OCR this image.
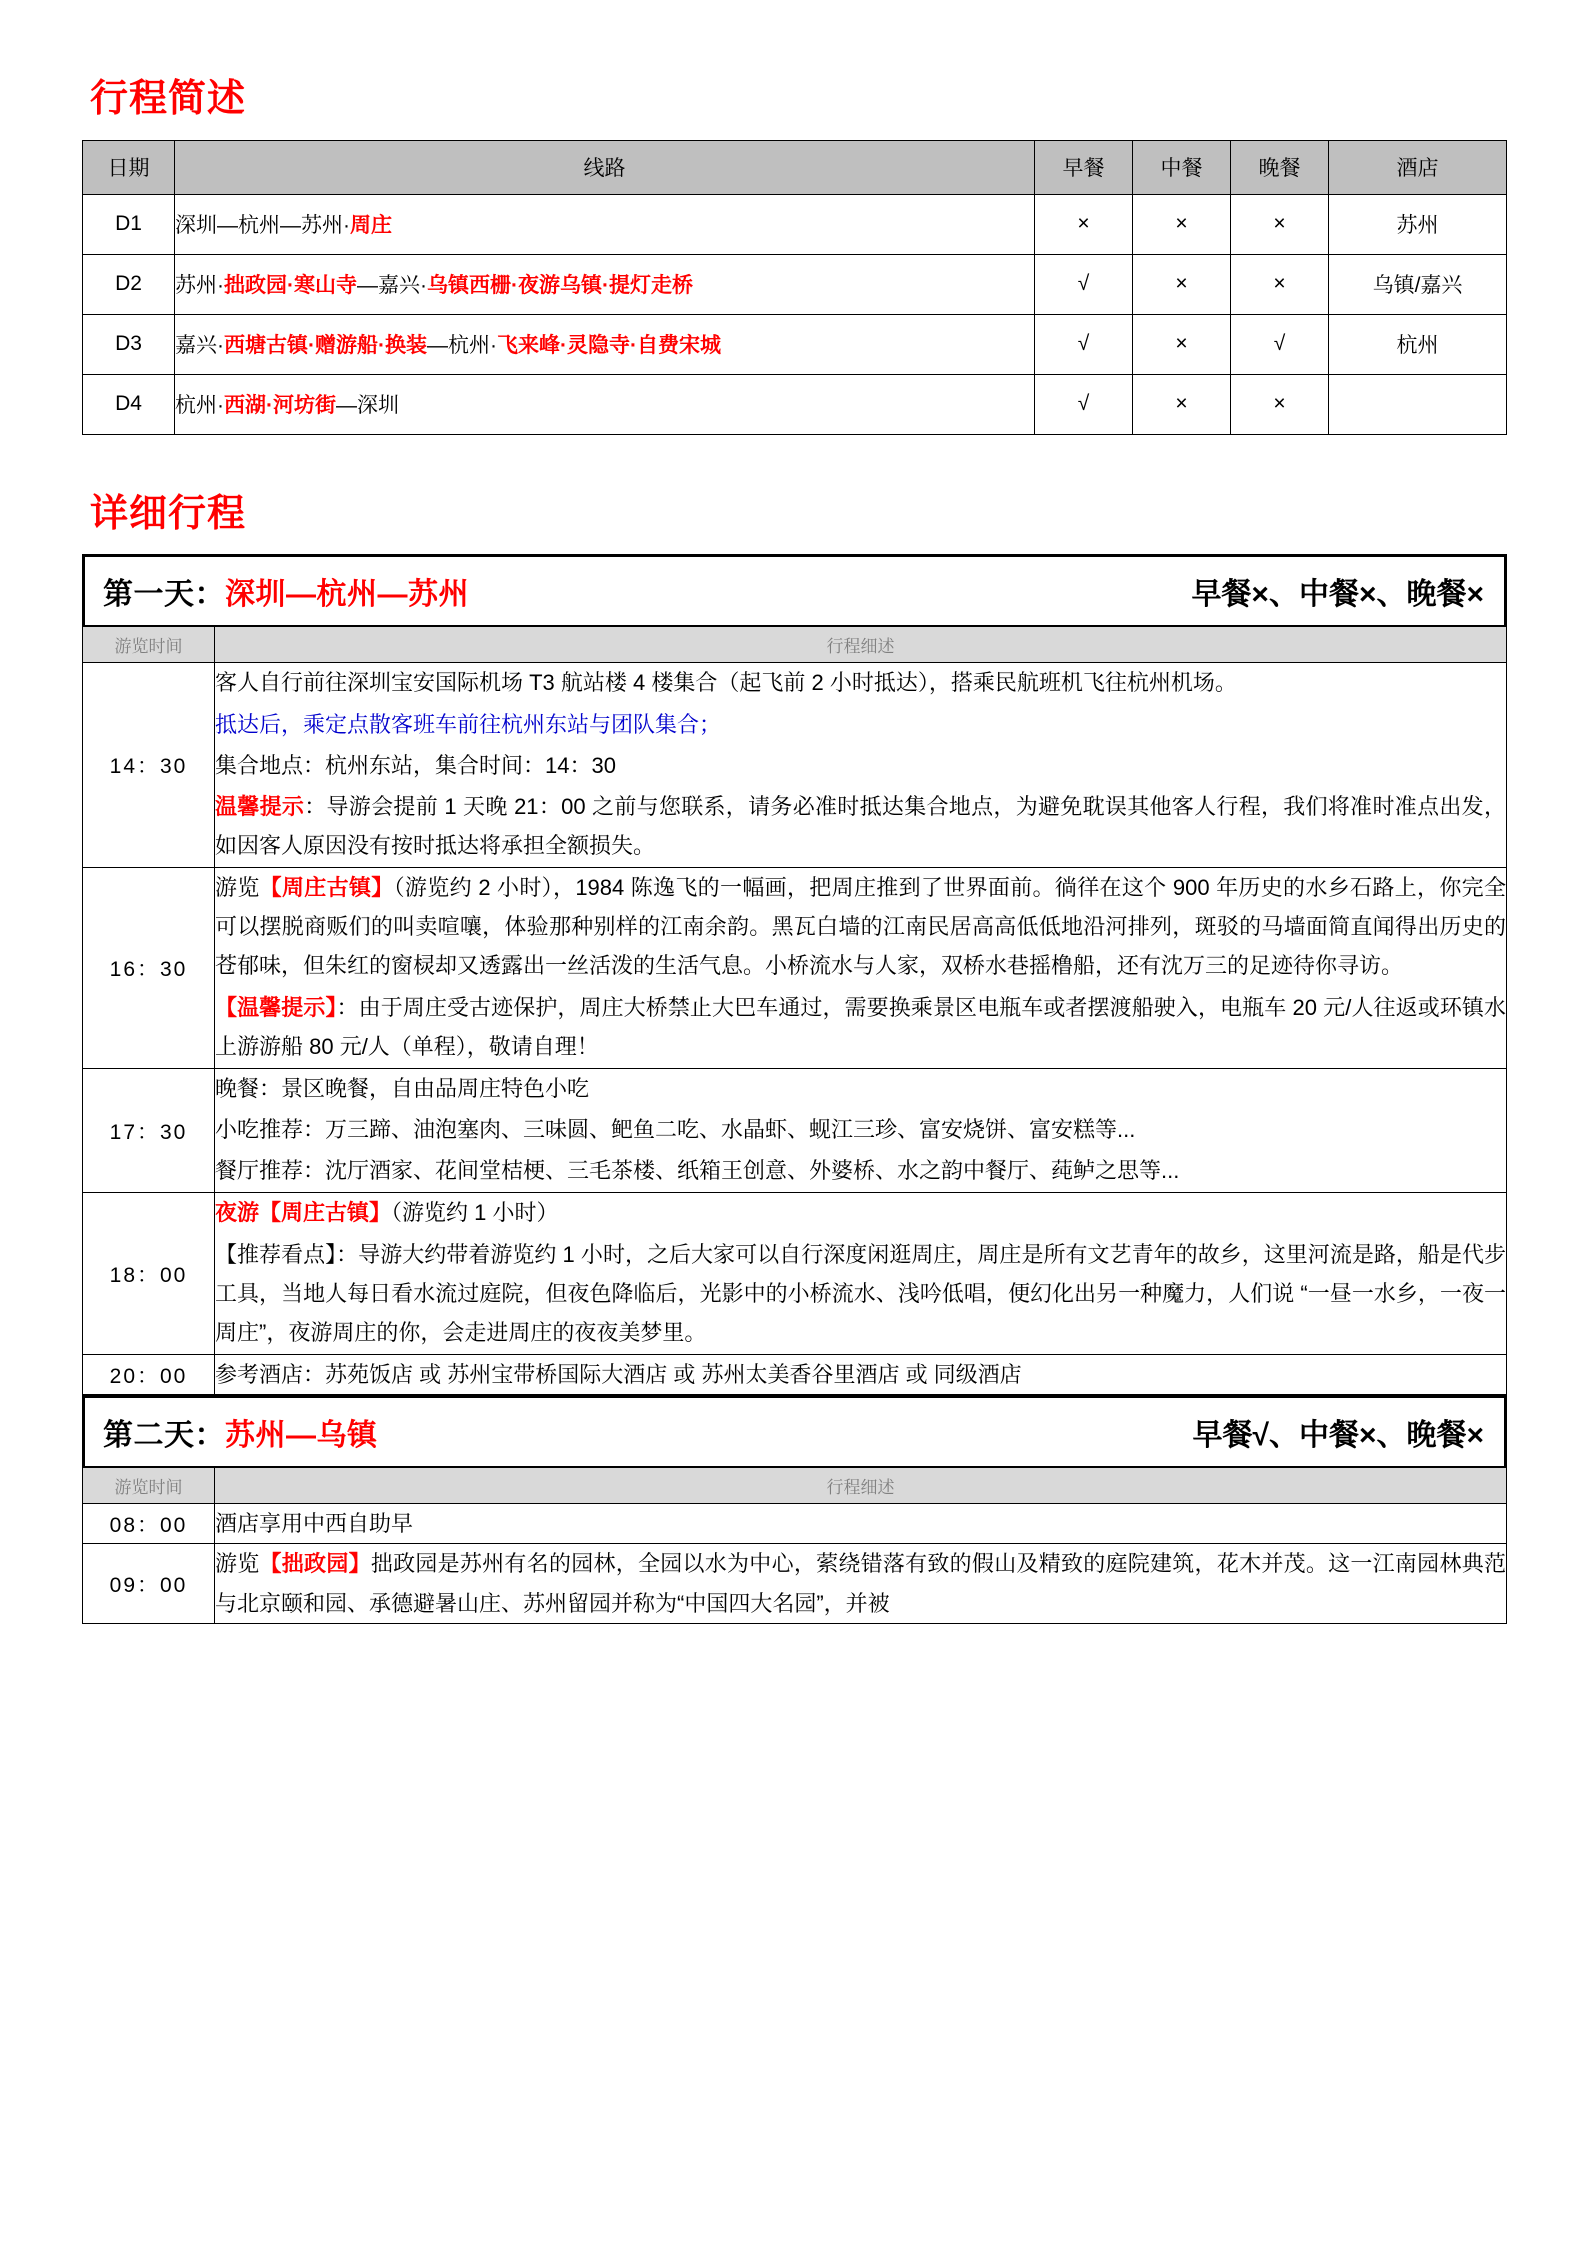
行程简述
日期	线路	早餐	中餐	晚餐	酒店
D1	深圳—杭州—苏州·周庄	×	×	×	苏州
D2	苏州·拙政园·寒山寺—嘉兴·乌镇西栅·夜游乌镇·提灯走桥	√	×	×	乌镇/嘉兴
D3	嘉兴·西塘古镇·赠游船·换装—杭州·飞来峰·灵隐寺·自费宋城	√	×	√	杭州
D4	杭州·西湖·河坊街—深圳	√	×	×	
详细行程
第一天：深圳—杭州—苏州	早餐×、中餐×、晚餐×
游览时间	行程细述
14：30	客人自行前往深圳宝安国际机场 T3 航站楼 4 楼集合（起飞前 2 小时抵达），搭乘民航班机飞往杭州机场。

抵达后，乘定点散客班车前往杭州东站与团队集合；

集合地点：杭州东站，集合时间：14：30

温馨提示：导游会提前 1 天晚 21：00 之前与您联系，请务必准时抵达集合地点，为避免耽误其他客人行程，我们将准时准点出发，如因客人原因没有按时抵达将承担全额损失。

16：30	游览【周庄古镇】（游览约 2 小时），1984 陈逸飞的一幅画，把周庄推到了世界面前。徜徉在这个 900 年历史的水乡石路上，你完全可以摆脱商贩们的叫卖喧嚷，体验那种别样的江南余韵。黑瓦白墙的江南民居高高低低地沿河排列，斑驳的马墙面简直闻得出历史的苍郁味，但朱红的窗棂却又透露出一丝活泼的生活气息。小桥流水与人家，双桥水巷摇橹船，还有沈万三的足迹待你寻访。

【温馨提示】：由于周庄受古迹保护，周庄大桥禁止大巴车通过，需要换乘景区电瓶车或者摆渡船驶入，电瓶车 20 元/人往返或环镇水上游游船 80 元/人（单程），敬请自理！

17：30	晚餐：景区晚餐，自由品周庄特色小吃

小吃推荐：万三蹄、油泡塞肉、三味圆、鲃鱼二吃、水晶虾、蚬江三珍、富安烧饼、富安糕等...

餐厅推荐：沈厅酒家、花间堂桔梗、三毛茶楼、纸箱王创意、外婆桥、水之韵中餐厅、莼鲈之思等...

18：00	夜游【周庄古镇】（游览约 1 小时）

【推荐看点】：导游大约带着游览约 1 小时，之后大家可以自行深度闲逛周庄，周庄是所有文艺青年的故乡，这里河流是路，船是代步工具，当地人每日看水流过庭院，但夜色降临后，光影中的小桥流水、浅吟低唱，便幻化出另一种魔力，人们说 “一昼一水乡，一夜一周庄”，夜游周庄的你，会走进周庄的夜夜美梦里。

20：00	参考酒店：苏苑饭店 或 苏州宝带桥国际大酒店 或 苏州太美香谷里酒店 或 同级酒店

第二天：苏州—乌镇	早餐√、中餐×、晚餐×
游览时间	行程细述
08：00	酒店享用中西自助早

09：00	游览【拙政园】拙政园是苏州有名的园林，全园以水为中心，萦绕错落有致的假山及精致的庭院建筑，花木并茂。这一江南园林典范与北京颐和园、承德避暑山庄、苏州留园并称为“中国四大名园”，并被
